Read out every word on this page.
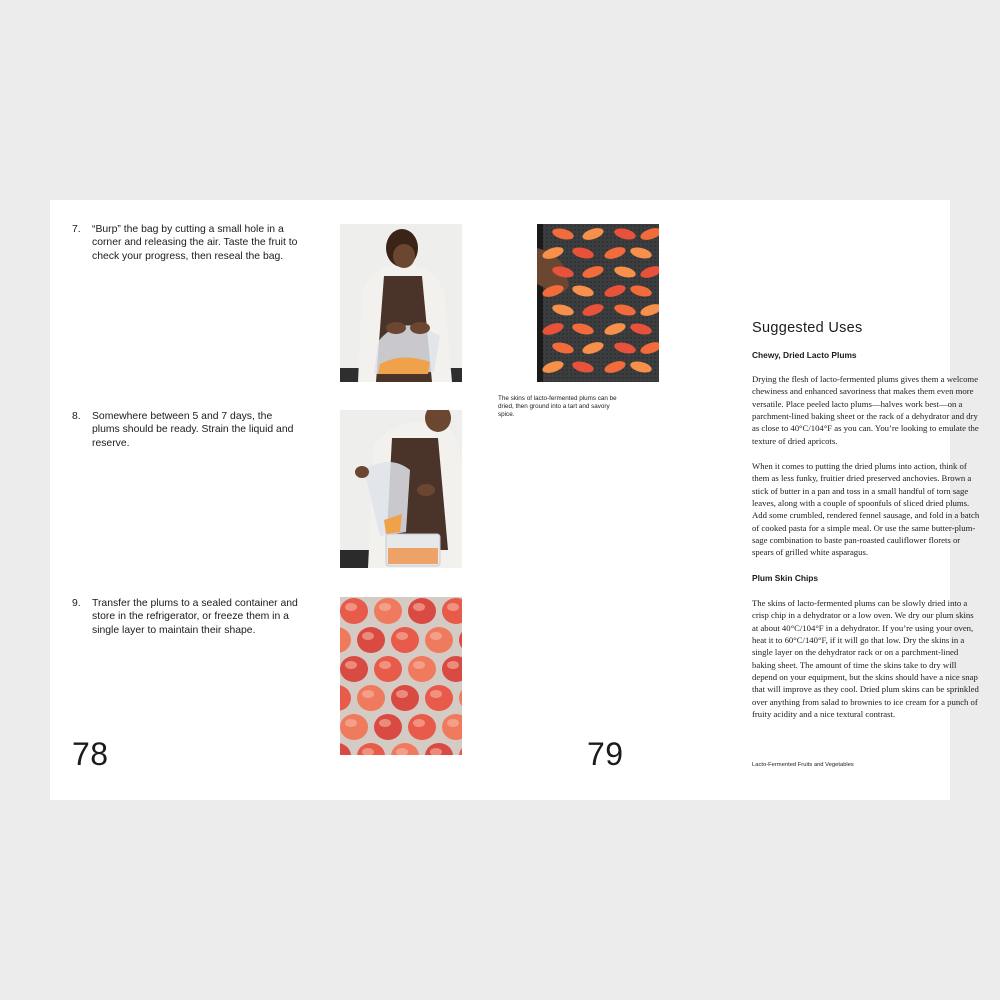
7. “Burp” the bag by cutting a small hole in a corner and releasing the air. Taste the fruit to check your progress, then reseal the bag.
8. Somewhere between 5 and 7 days, the plums should be ready. Strain the liquid and reserve.
9. Transfer the plums to a sealed container and store in the refrigerator, or freeze them in a single layer to maintain their shape.
78
The skins of lacto-fermented plums can be dried, then ground into a tart and savory spice.
Suggested Uses
Chewy, Dried Lacto Plums

Drying the flesh of lacto-fermented plums gives them a welcome chewiness and enhanced savoriness that makes them even more versatile. Place peeled lacto plums—halves work best—on a parchment-lined baking sheet or the rack of a dehydrator and dry as close to 40°C/104°F as you can. You’re looking to emulate the texture of dried apricots.

When it comes to putting the dried plums into action, think of them as less funky, fruitier dried preserved anchovies. Brown a stick of butter in a pan and toss in a small handful of torn sage leaves, along with a couple of spoonfuls of sliced dried plums. Add some crumbled, rendered fennel sausage, and fold in a batch of cooked pasta for a simple meal. Or use the same butter-plum-sage combination to baste pan-roasted cauliflower florets or spears of grilled white asparagus.

Plum Skin Chips

The skins of lacto-fermented plums can be slowly dried into a crisp chip in a dehydrator or a low oven. We dry our plum skins at about 40°C/104°F in a dehydrator. If you’re using your oven, heat it to 60°C/140°F, if it will go that low. Dry the skins in a single layer on the dehydrator rack or on a parchment-lined baking sheet. The amount of time the skins take to dry will depend on your equipment, but the skins should have a nice snap that will improve as they cool. Dried plum skins can be sprinkled over anything from salad to brownies to ice cream for a punch of fruity acidity and a nice textural contrast.

79	Lacto-Fermented Fruits and Vegetables
